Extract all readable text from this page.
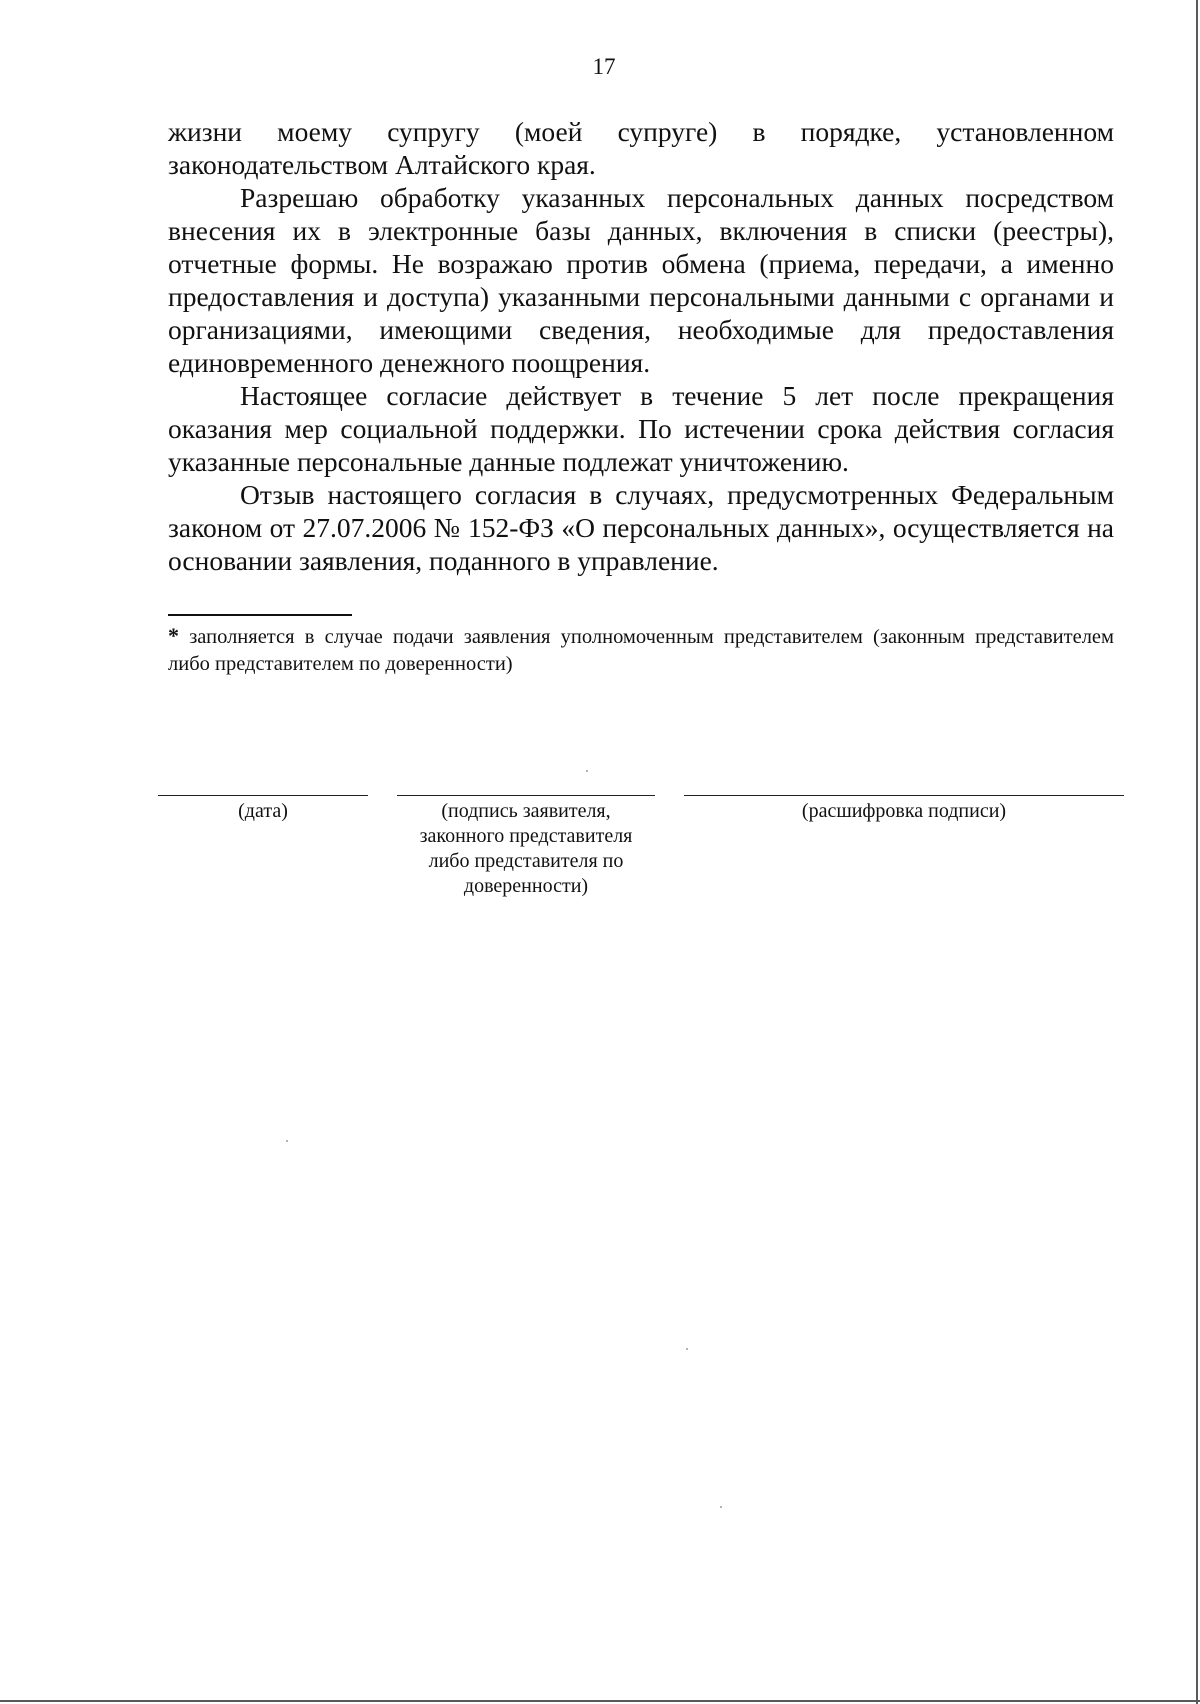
17

жизни моему супругу (моей супруге) в порядке, установленном законодательством Алтайского края.

Разрешаю обработку указанных персональных данных посредством внесения их в электронные базы данных, включения в списки (реестры), отчетные формы. Не возражаю против обмена (приема, передачи, а именно предоставления и доступа) указанными персональными данными с органами и организациями, имеющими сведения, необходимые для предоставления единовременного денежного поощрения.

Настоящее согласие действует в течение 5 лет после прекращения оказания мер социальной поддержки. По истечении срока действия согласия указанные персональные данные подлежат уничтожению.

Отзыв настоящего согласия в случаях, предусмотренных Федеральным законом от 27.07.2006 № 152-ФЗ «О персональных данных», осуществляется на основании заявления, поданного в управление.

* заполняется в случае подачи заявления уполномоченным представителем (законным представителем либо представителем по доверенности)
(дата)	(подпись заявителя, законного представителя либо представителя по доверенности)
(расшифровка подписи)
